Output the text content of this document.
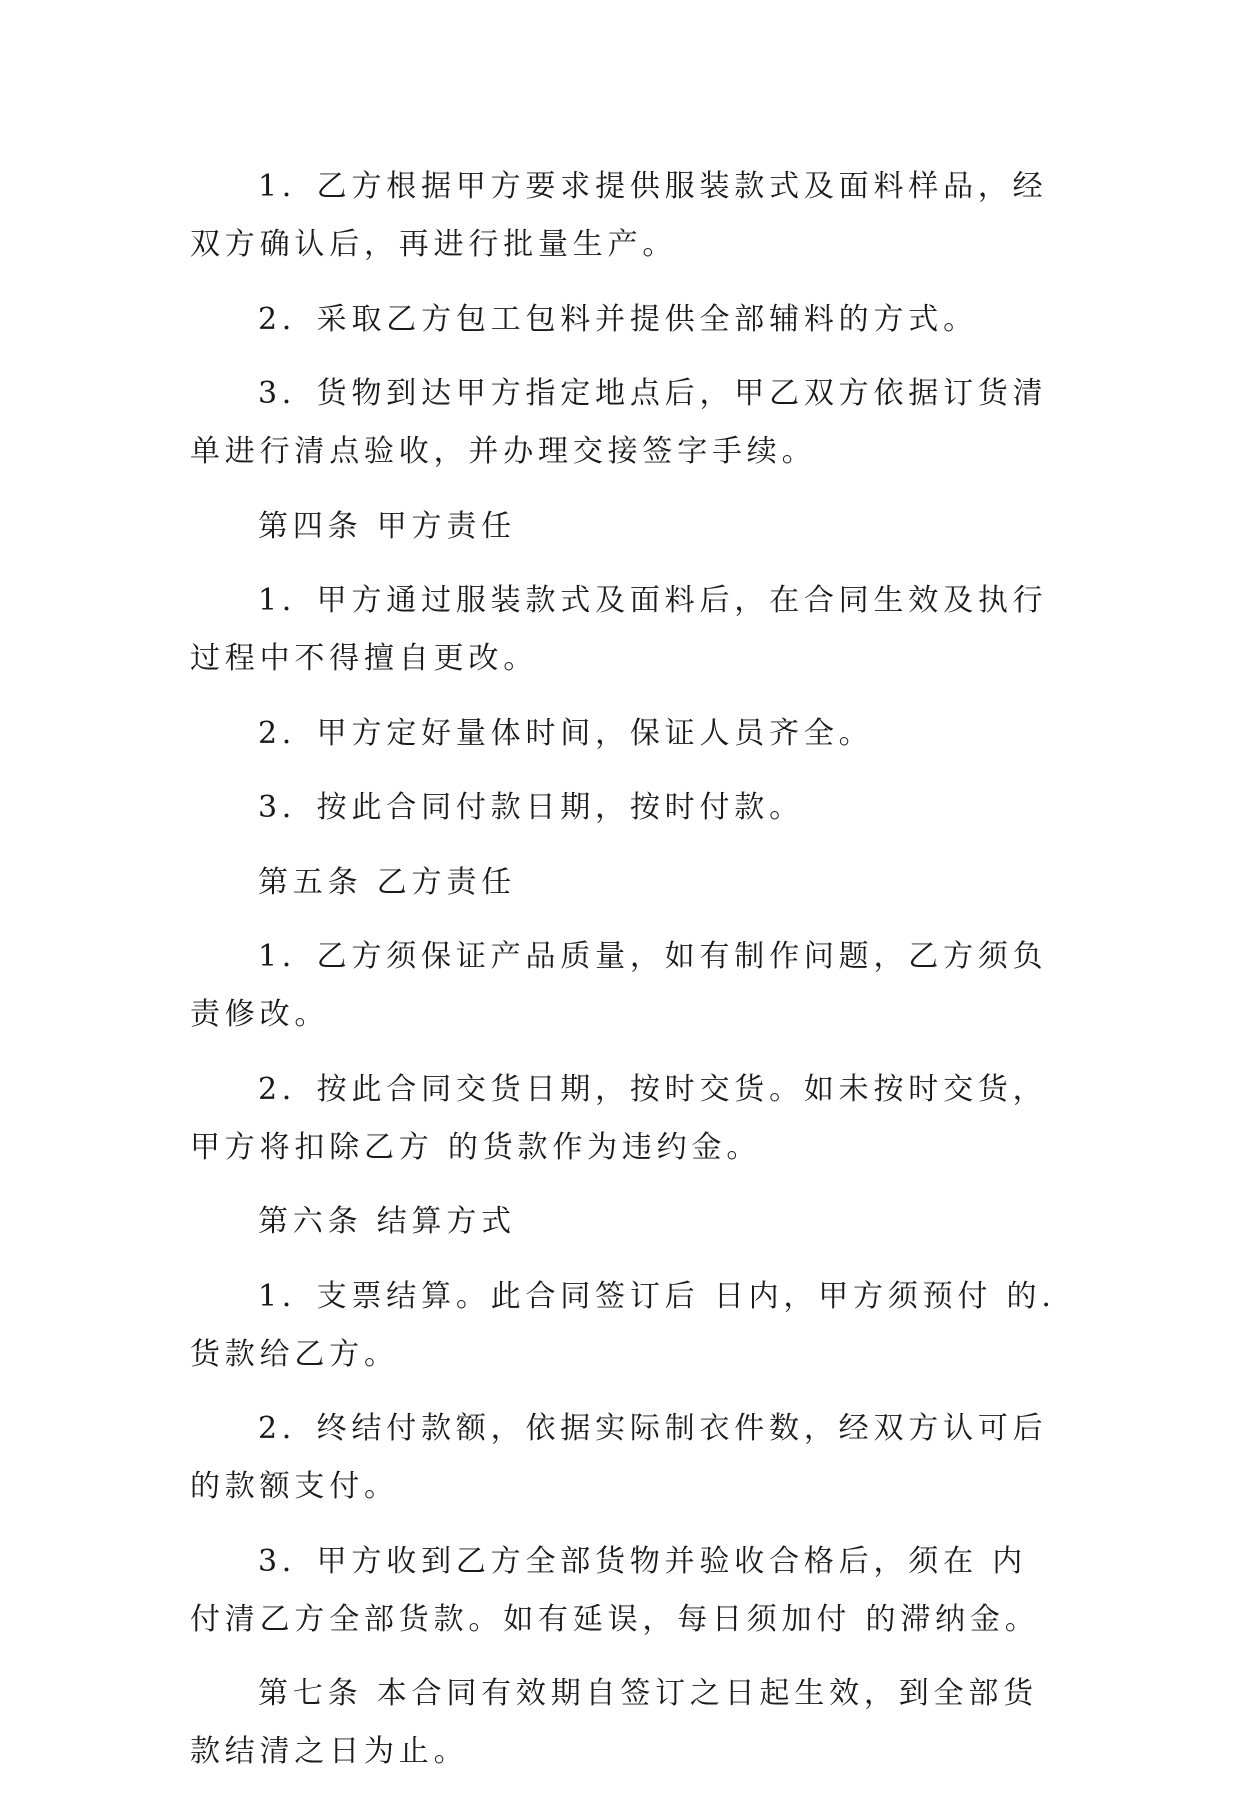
1．乙方根据甲方要求提供服装款式及面料样品，经双方确认后，再进行批量生产。

2．采取乙方包工包料并提供全部辅料的方式。

3．货物到达甲方指定地点后，甲乙双方依据订货清单进行清点验收，并办理交接签字手续。

第四条 甲方责任

1．甲方通过服装款式及面料后，在合同生效及执行过程中不得擅自更改。

2．甲方定好量体时间，保证人员齐全。

3．按此合同付款日期，按时付款。

第五条 乙方责任

1．乙方须保证产品质量，如有制作问题，乙方须负责修改。

2．按此合同交货日期，按时交货。如未按时交货，甲方将扣除乙方 的货款作为违约金。

第六条 结算方式

1．支票结算。此合同签订后 日内，甲方须预付 的.货款给乙方。

2．终结付款额，依据实际制衣件数，经双方认可后的款额支付。

3．甲方收到乙方全部货物并验收合格后，须在 内付清乙方全部货款。如有延误，每日须加付 的滞纳金。

第七条 本合同有效期自签订之日起生效，到全部货款结清之日为止。
